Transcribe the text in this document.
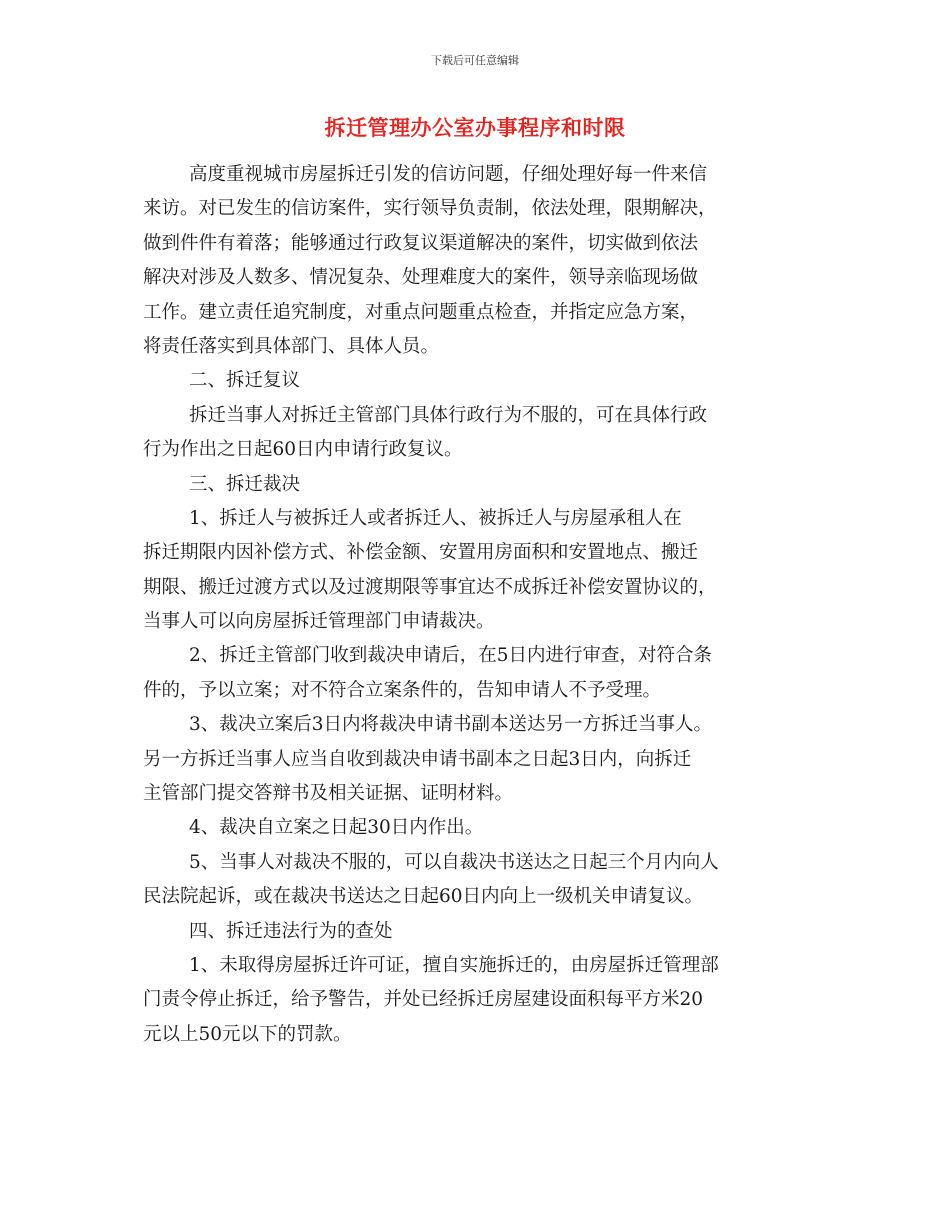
下载后可任意编辑
拆迁管理办公室办事程序和时限
高度重视城市房屋拆迁引发的信访问题，仔细处理好每一件来信
来访。对已发生的信访案件，实行领导负责制，依法处理，限期解决，
做到件件有着落；能够通过行政复议渠道解决的案件，切实做到依法
解决对涉及人数多、情况复杂、处理难度大的案件，领导亲临现场做
工作。建立责任追究制度，对重点问题重点检查，并指定应急方案，
将责任落实到具体部门、具体人员。
二、拆迁复议
拆迁当事人对拆迁主管部门具体行政行为不服的，可在具体行政
行为作出之日起60日内申请行政复议。
三、拆迁裁决
1、拆迁人与被拆迁人或者拆迁人、被拆迁人与房屋承租人在
拆迁期限内因补偿方式、补偿金额、安置用房面积和安置地点、搬迁
期限、搬迁过渡方式以及过渡期限等事宜达不成拆迁补偿安置协议的，
当事人可以向房屋拆迁管理部门申请裁决。
2、拆迁主管部门收到裁决申请后，在5日内进行审查，对符合条
件的，予以立案；对不符合立案条件的，告知申请人不予受理。
3、裁决立案后3日内将裁决申请书副本送达另一方拆迁当事人。
另一方拆迁当事人应当自收到裁决申请书副本之日起3日内，向拆迁
主管部门提交答辩书及相关证据、证明材料。
4、裁决自立案之日起30日内作出。
5、当事人对裁决不服的，可以自裁决书送达之日起三个月内向人
民法院起诉，或在裁决书送达之日起60日内向上一级机关申请复议。
四、拆迁违法行为的查处
1、未取得房屋拆迁许可证，擅自实施拆迁的，由房屋拆迁管理部
门责令停止拆迁，给予警告，并处已经拆迁房屋建设面积每平方米20
元以上50元以下的罚款。
